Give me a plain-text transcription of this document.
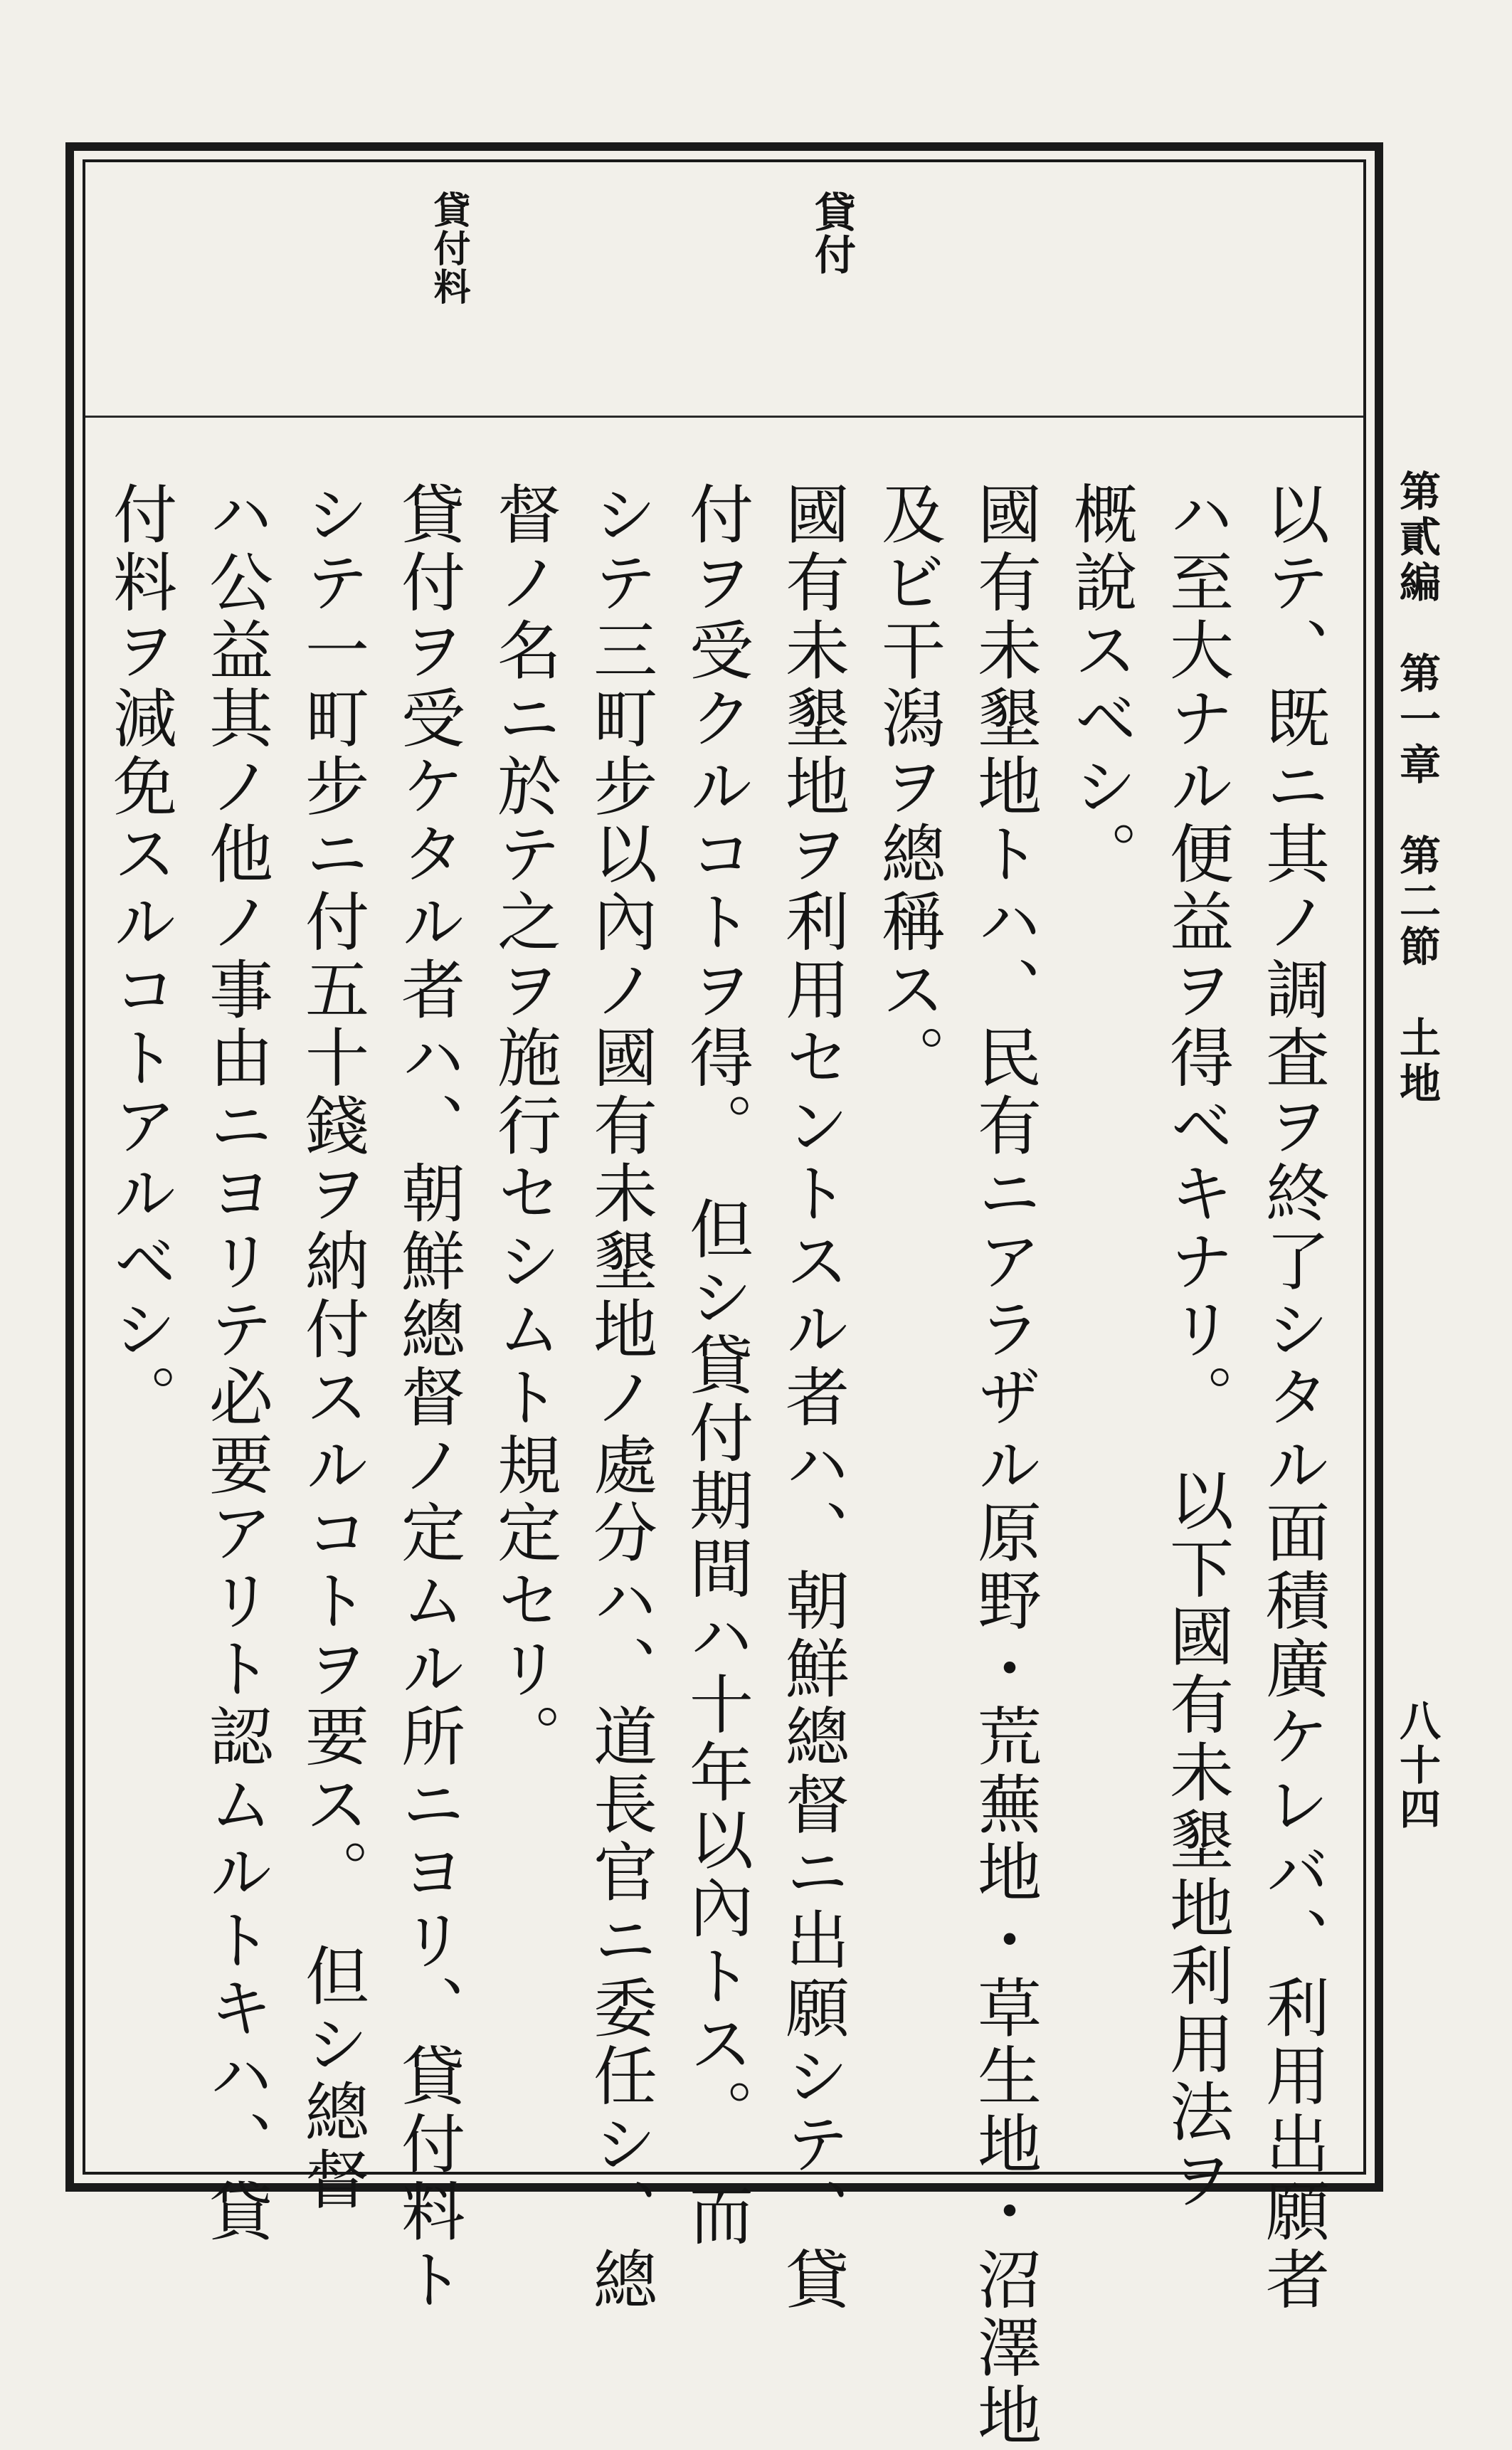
貸付
貸付料
以テ、既ニ其ノ調査ヲ終了シタル面積廣ケレバ、利用出願者
ハ至大ナル便益ヲ得ベキナリ。　以下國有未墾地利用法ヲ
概說スベシ。
國有未墾地トハ、民有ニアラザル原野・荒蕪地・草生地・沼澤地
及ビ干潟ヲ總稱ス。
國有未墾地ヲ利用セントスル者ハ、朝鮮總督ニ出願シテ、貸
付ヲ受クルコトヲ得。　但シ貸付期間ハ十年以內トス。　而
シテ三町步以內ノ國有未墾地ノ處分ハ、道長官ニ委任シ、總
督ノ名ニ於テ之ヲ施行セシムト規定セリ。
貸付ヲ受ケタル者ハ、朝鮮總督ノ定ムル所ニヨリ、貸付料ト
シテ一町步ニ付五十錢ヲ納付スルコトヲ要ス。　但シ總督
ハ公益其ノ他ノ事由ニヨリテ必要アリト認ムルトキハ、貸
付料ヲ減免スルコトアルベシ。	第貳編　第一章　第二節　土地
八十四
